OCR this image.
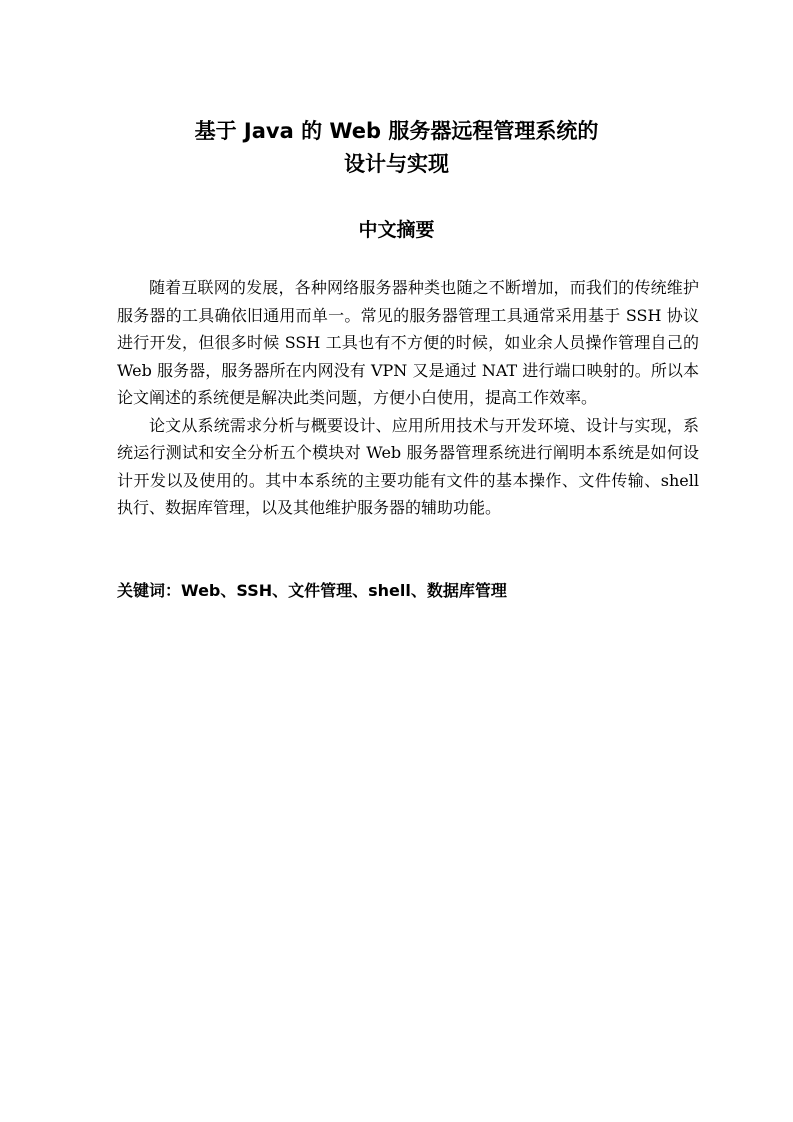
基于 Java 的 Web 服务器远程管理系统的
设计与实现
中文摘要

随着互联网的发展，各种网络服务器种类也随之不断增加，而我们的传统维护服务器的工具确依旧通用而单一。常见的服务器管理工具通常采用基于 SSH 协议进行开发，但很多时候 SSH 工具也有不方便的时候，如业余人员操作管理自己的 Web 服务器，服务器所在内网没有 VPN 又是通过 NAT 进行端口映射的。所以本论文阐述的系统便是解决此类问题，方便小白使用，提高工作效率。

论文从系统需求分析与概要设计、应用所用技术与开发环境、设计与实现，系统运行测试和安全分析五个模块对 Web 服务器管理系统进行阐明本系统是如何设计开发以及使用的。其中本系统的主要功能有文件的基本操作、文件传输、shell 执行、数据库管理，以及其他维护服务器的辅助功能。

关键词：Web、SSH、文件管理、shell、数据库管理
